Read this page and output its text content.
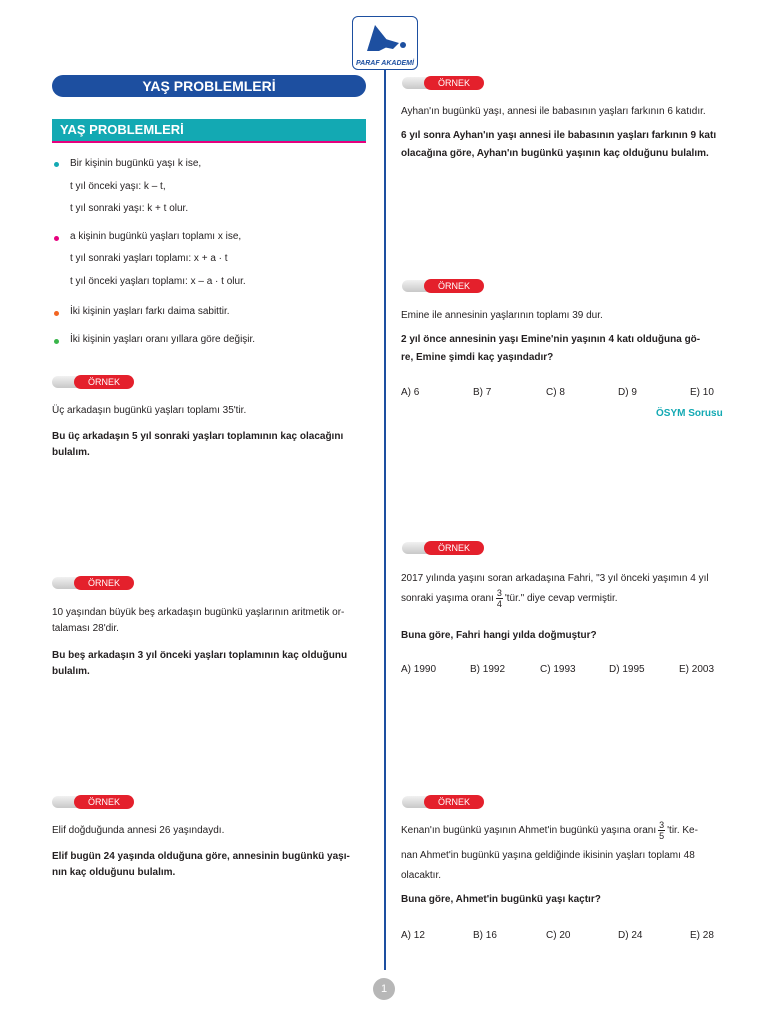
PARAF AKADEMİ
YAŞ PROBLEMLERİ
YAŞ PROBLEMLERİ
Bir kişinin bugünkü yaşı k ise,
t yıl önceki yaşı: k – t,
t yıl sonraki yaşı: k + t olur.
a kişinin bugünkü yaşları toplamı x ise,
t yıl sonraki yaşları toplamı: x + a · t
t yıl önceki yaşları toplamı: x – a · t olur.
İki kişinin yaşları farkı daima sabittir.
İki kişinin yaşları oranı yıllara göre değişir.
ÖRNEK
Üç arkadaşın bugünkü yaşları toplamı 35'tir.
Bu üç arkadaşın 5 yıl sonraki yaşları toplamının kaç olacağını
bulalım.
ÖRNEK
10 yaşından büyük beş arkadaşın bugünkü yaşlarının aritmetik or-
talaması 28'dir.
Bu beş arkadaşın 3 yıl önceki yaşları toplamının kaç olduğunu
bulalım.
ÖRNEK
Elif doğduğunda annesi 26 yaşındaydı.
Elif bugün 24 yaşında olduğuna göre, annesinin bugünkü yaşı-
nın kaç olduğunu bulalım.
ÖRNEK
Ayhan'ın bugünkü yaşı, annesi ile babasının yaşları farkının 6 katıdır.
6 yıl sonra Ayhan'ın yaşı annesi ile babasının yaşları farkının 9 katı
olacağına göre, Ayhan'ın bugünkü yaşının kaç olduğunu bulalım.
ÖRNEK
Emine ile annesinin yaşlarının toplamı 39 dur.
2 yıl önce annesinin yaşı Emine'nin yaşının 4 katı olduğuna gö-
re, Emine şimdi kaç yaşındadır?
A) 6	B) 7	C) 8	D) 9	E) 10
ÖSYM Sorusu
ÖRNEK
2017 yılında yaşını soran arkadaşına Fahri, "3 yıl önceki yaşımın 4 yıl
sonraki yaşıma oranı $\frac{3}{4}$ 'tür." diye cevap vermiştir.
Buna göre, Fahri hangi yılda doğmuştur?
A) 1990	B) 1992	C) 1993	D) 1995	E) 2003
ÖRNEK
Kenan'ın bugünkü yaşının Ahmet'in bugünkü yaşına oranı $\frac{3}{5}$ 'tir. Ke-
nan Ahmet'in bugünkü yaşına geldiğinde ikisinin yaşları toplamı 48
olacaktır.
Buna göre, Ahmet'in bugünkü yaşı kaçtır?
A) 12	B) 16	C) 20	D) 24	E) 28
1
